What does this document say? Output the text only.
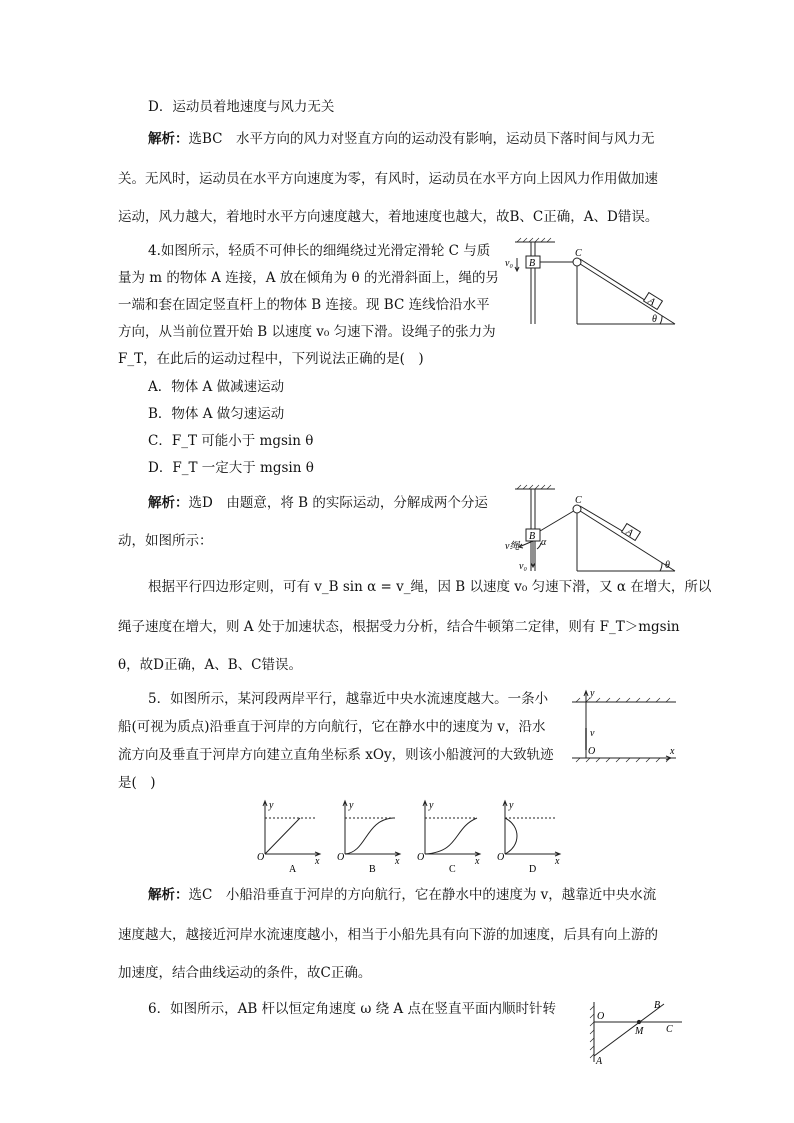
D．运动员着地速度与风力无关
解析：选BC　水平方向的风力对竖直方向的运动没有影响，运动员下落时间与风力无
关。无风时，运动员在水平方向速度为零，有风时，运动员在水平方向上因风力作用做加速
运动，风力越大，着地时水平方向速度越大，着地速度也越大，故B、C正确，A、D错误。
4.如图所示，轻质不可伸长的细绳绕过光滑定滑轮 C 与质
量为 m 的物体 A 连接，A 放在倾角为 θ 的光滑斜面上，绳的另
一端和套在固定竖直杆上的物体 B 连接。现 BC 连线恰沿水平
方向，从当前位置开始 B 以速度 v₀ 匀速下滑。设绳子的张力为
F_T，在此后的运动过程中，下列说法正确的是(　)
A．物体 A 做减速运动
B．物体 A 做匀速运动
C．F_T 可能小于 mgsin θ
D．F_T 一定大于 mgsin θ
B
C
A
θ
v₀
解析：选D　由题意，将 B 的实际运动，分解成两个分运
动，如图所示：	B
C
A
θ
α
v绳
v₀
根据平行四边形定则，可有 v_B sin α = v_绳，因 B 以速度 v₀ 匀速下滑，又 α 在增大，所以
绳子速度在增大，则 A 处于加速状态，根据受力分析，结合牛顿第二定律，则有 F_T＞mgsin
θ，故D正确，A、B、C错误。
5．如图所示，某河段两岸平行，越靠近中央水流速度越大。一条小
船(可视为质点)沿垂直于河岸的方向航行，它在静水中的速度为 v，沿水
流方向及垂直于河岸方向建立直角坐标系 xOy，则该小船渡河的大致轨迹
是(　)
y
x
O
v
y
x
O
y
x
O
y
x
O
y
x
O
A	B	C	D
解析：选C　小船沿垂直于河岸的方向航行，它在静水中的速度为 v，越靠近中央水流
速度越大，越接近河岸水流速度越小，相当于小船先具有向下游的加速度，后具有向上游的
加速度，结合曲线运动的条件，故C正确。
6．如图所示，AB 杆以恒定角速度 ω 绕 A 点在竖直平面内顺时针转	O
B
M C
A
